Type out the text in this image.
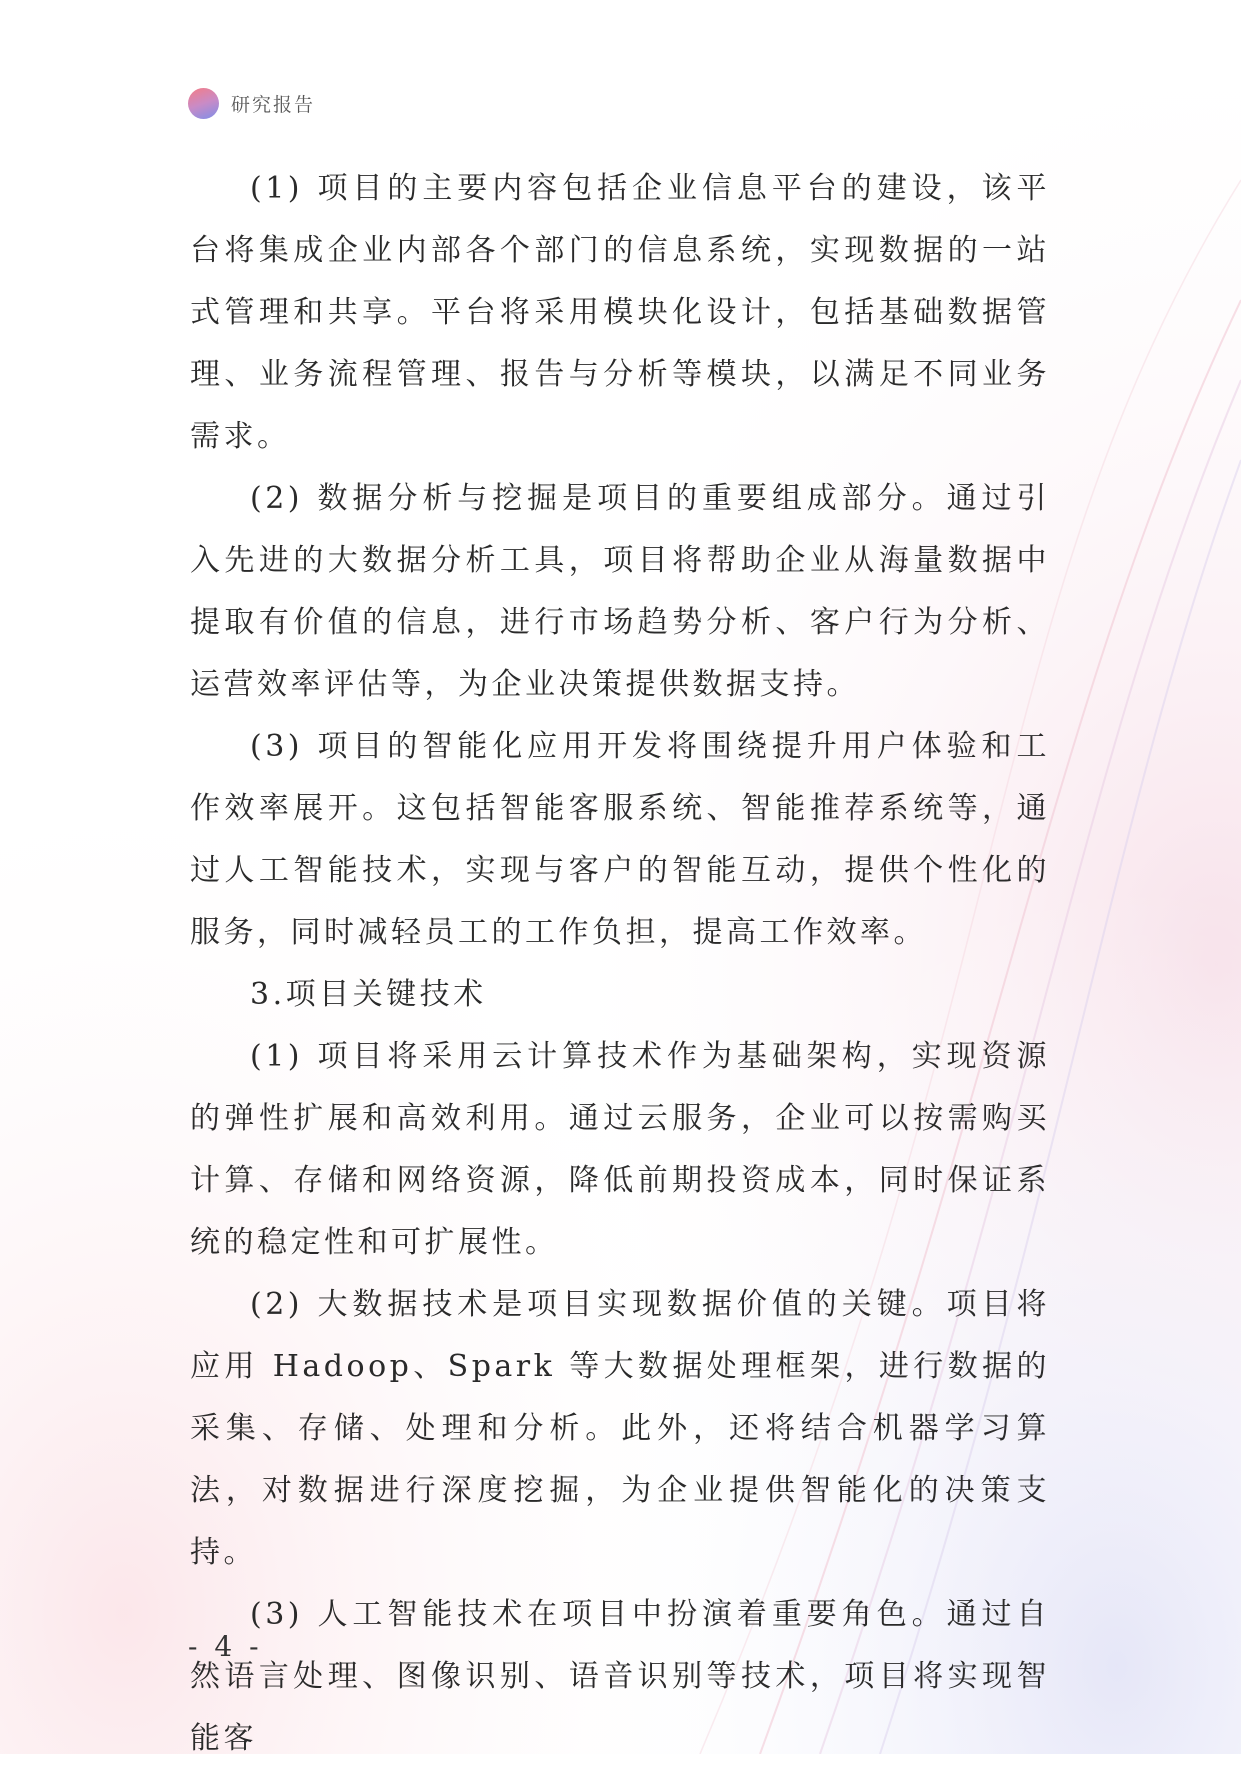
研究报告

(1) 项目的主要内容包括企业信息平台的建设，该平台将集成企业内部各个部门的信息系统，实现数据的一站式管理和共享。平台将采用模块化设计，包括基础数据管理、业务流程管理、报告与分析等模块，以满足不同业务需求。

(2) 数据分析与挖掘是项目的重要组成部分。通过引入先进的大数据分析工具，项目将帮助企业从海量数据中提取有价值的信息，进行市场趋势分析、客户行为分析、运营效率评估等，为企业决策提供数据支持。

(3) 项目的智能化应用开发将围绕提升用户体验和工作效率展开。这包括智能客服系统、智能推荐系统等，通过人工智能技术，实现与客户的智能互动，提供个性化的服务，同时减轻员工的工作负担，提高工作效率。

3.项目关键技术

(1) 项目将采用云计算技术作为基础架构，实现资源的弹性扩展和高效利用。通过云服务，企业可以按需购买计算、存储和网络资源，降低前期投资成本，同时保证系统的稳定性和可扩展性。

(2) 大数据技术是项目实现数据价值的关键。项目将应用 Hadoop、Spark 等大数据处理框架，进行数据的采集、存储、处理和分析。此外，还将结合机器学习算法，对数据进行深度挖掘，为企业提供智能化的决策支持。

(3) 人工智能技术在项目中扮演着重要角色。通过自然语言处理、图像识别、语音识别等技术，项目将实现智能客

- 4 -
